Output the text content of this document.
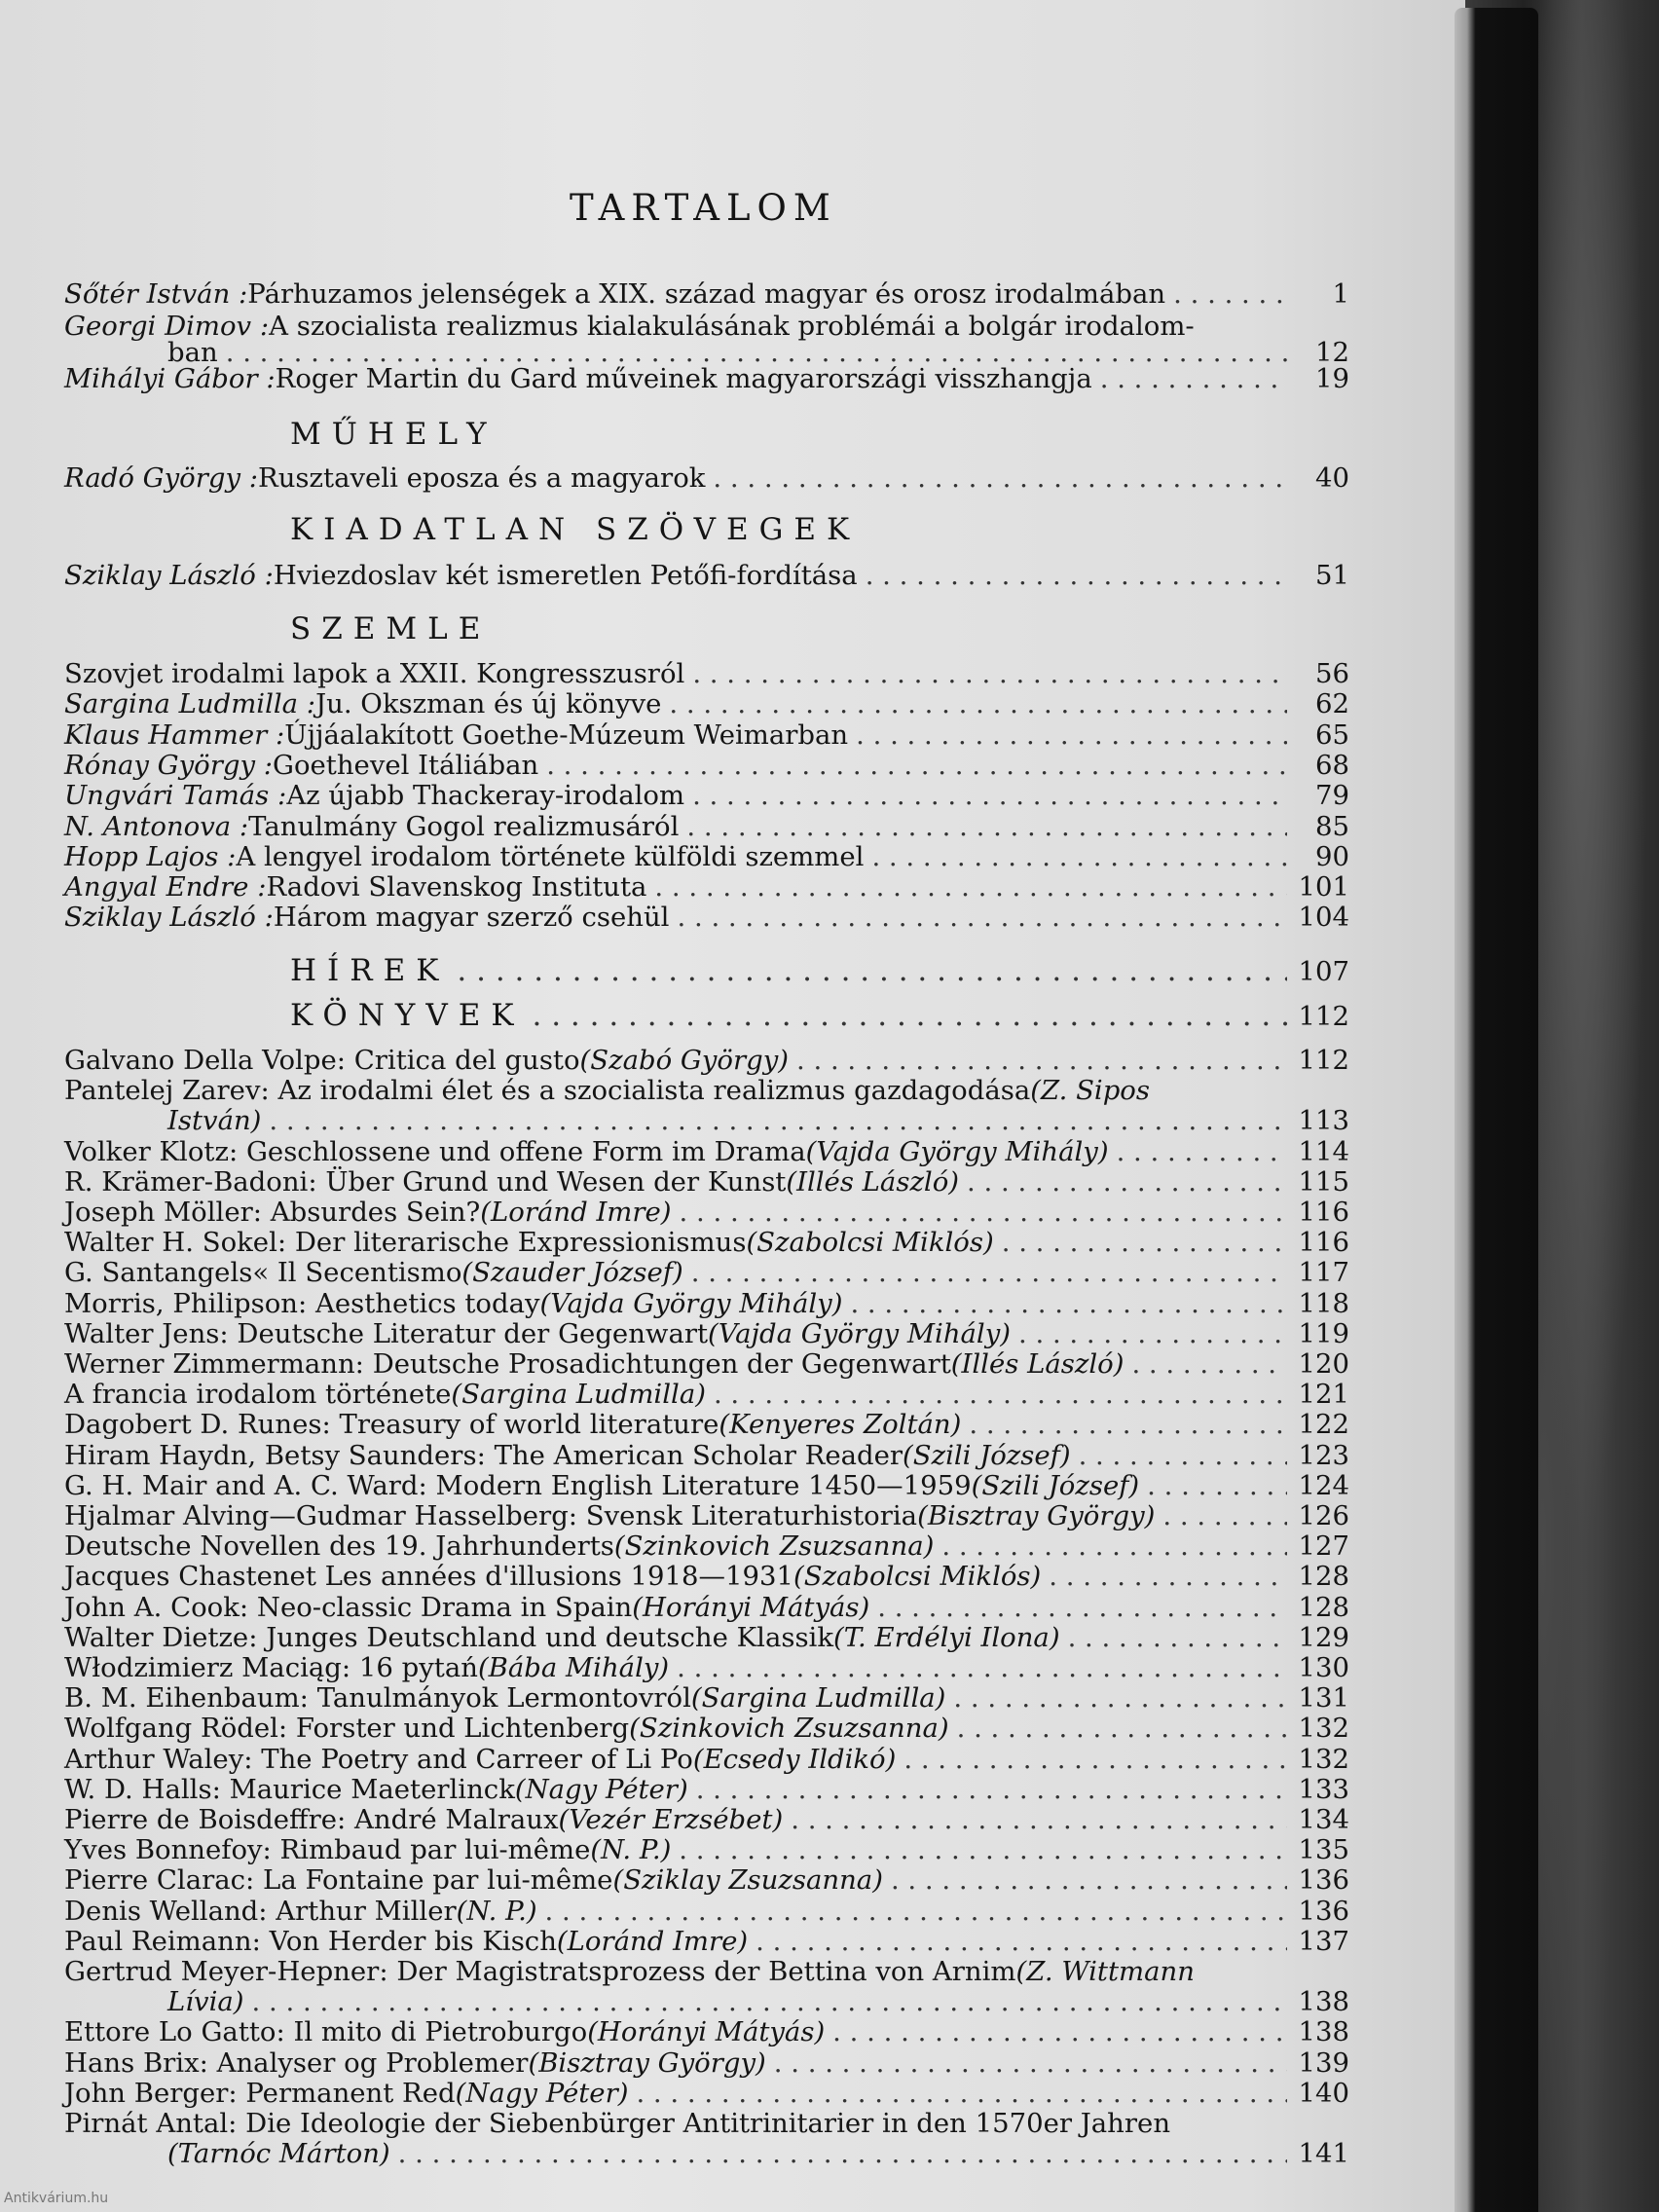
TARTALOM
Sőtér István : Párhuzamos jelenségek a XIX. század magyar és orosz irodalmában . . .	1
Georgi Dimov : A szocialista realizmus kialakulásának problémái a bolgár irodalom-
ban . . .	12
Mihályi Gábor : Roger Martin du Gard műveinek magyarországi visszhangja . . .	19
MŰHELY
Radó György : Rusztaveli eposza és a magyarok . . .	40
KIADATLAN SZÖVEGEK
Sziklay László : Hviezdoslav két ismeretlen Petőfi-fordítása . . .	51
SZEMLE
Szovjet irodalmi lapok a XXII. Kongresszusról . . .	56
Sargina Ludmilla : Ju. Okszman és új könyve . . .	62
Klaus Hammer : Újjáalakított Goethe-Múzeum Weimarban . . .	65
Rónay György : Goethevel Itáliában . . .	68
Ungvári Tamás : Az újabb Thackeray-irodalom . . .	79
N. Antonova : Tanulmány Gogol realizmusáról . . .	85
Hopp Lajos : A lengyel irodalom története külföldi szemmel . . .	90
Angyal Endre : Radovi Slavenskog Instituta . . .	101
Sziklay László : Három magyar szerző csehül . . .	104
HÍREK . . .	107
KÖNYVEK . . .	112
Galvano Della Volpe: Critica del gusto (Szabó György) . . .	112
Pantelej Zarev: Az irodalmi élet és a szocialista realizmus gazdagodása (Z. Sipos
István) . . .	113
Volker Klotz: Geschlossene und offene Form im Drama (Vajda György Mihály) . . .	114
R. Krämer-Badoni: Über Grund und Wesen der Kunst (Illés László) . . .	115
Joseph Möller: Absurdes Sein? (Loránd Imre) . . .	116
Walter H. Sokel: Der literarische Expressionismus (Szabolcsi Miklós) . . .	116
G. Santangels« Il Secentismo (Szauder József) . . .	117
Morris, Philipson: Aesthetics today (Vajda György Mihály) . . .	118
Walter Jens: Deutsche Literatur der Gegenwart (Vajda György Mihály) . . .	119
Werner Zimmermann: Deutsche Prosadichtungen der Gegenwart (Illés László) . . .	120
A francia irodalom története (Sargina Ludmilla) . . .	121
Dagobert D. Runes: Treasury of world literature (Kenyeres Zoltán) . . .	122
Hiram Haydn, Betsy Saunders: The American Scholar Reader (Szili József) . . .	123
G. H. Mair and A. C. Ward: Modern English Literature 1450—1959 (Szili József) . . .	124
Hjalmar Alving—Gudmar Hasselberg: Svensk Literaturhistoria (Bisztray György) . . .	126
Deutsche Novellen des 19. Jahrhunderts (Szinkovich Zsuzsanna) . . .	127
Jacques Chastenet Les années d'illusions 1918—1931 (Szabolcsi Miklós) . . .	128
John A. Cook: Neo-classic Drama in Spain (Horányi Mátyás) . . .	128
Walter Dietze: Junges Deutschland und deutsche Klassik (T. Erdélyi Ilona) . . .	129
Włodzimierz Maciąg: 16 pytań (Bába Mihály) . . .	130
B. M. Eihenbaum: Tanulmányok Lermontovról (Sargina Ludmilla) . . .	131
Wolfgang Rödel: Forster und Lichtenberg (Szinkovich Zsuzsanna) . . .	132
Arthur Waley: The Poetry and Carreer of Li Po (Ecsedy Ildikó) . . .	132
W. D. Halls: Maurice Maeterlinck (Nagy Péter) . . .	133
Pierre de Boisdeffre: André Malraux (Vezér Erzsébet) . . .	134
Yves Bonnefoy: Rimbaud par lui-même (N. P.) . . .	135
Pierre Clarac: La Fontaine par lui-même (Sziklay Zsuzsanna) . . .	136
Denis Welland: Arthur Miller (N. P.) . . .	136
Paul Reimann: Von Herder bis Kisch (Loránd Imre) . . .	137
Gertrud Meyer-Hepner: Der Magistratsprozess der Bettina von Arnim (Z. Wittmann
Lívia) . . .	138
Ettore Lo Gatto: Il mito di Pietroburgo (Horányi Mátyás) . . .	138
Hans Brix: Analyser og Problemer (Bisztray György) . . .	139
John Berger: Permanent Red (Nagy Péter) . . .	140
Pirnát Antal: Die Ideologie der Siebenbürger Antitrinitarier in den 1570er Jahren
(Tarnóc Márton) . . .	141
Antikvárium.hu
